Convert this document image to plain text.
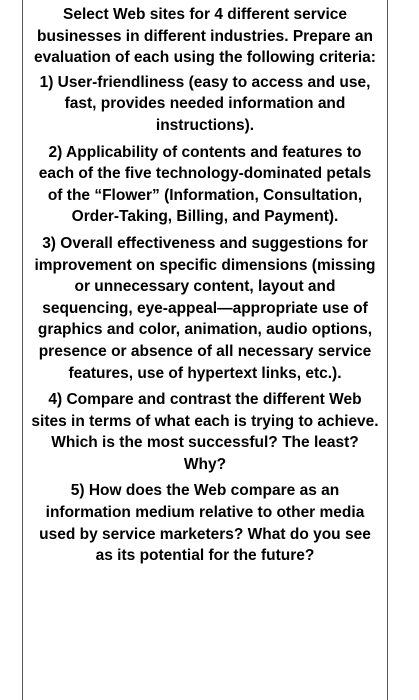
Select Web sites for 4 different service businesses in different industries. Prepare an evaluation of each using the following criteria:

1) User-friendliness (easy to access and use, fast, provides needed information and instructions).

2) Applicability of contents and features to each of the five technology-dominated petals of the “Flower” (Information, Consultation, Order-Taking, Billing, and Payment).

3) Overall effectiveness and suggestions for improvement on specific dimensions (missing or unnecessary content, layout and sequencing, eye-appeal—appropriate use of graphics and color, animation, audio options, presence or absence of all necessary service features, use of hypertext links, etc.).

4) Compare and contrast the different Web sites in terms of what each is trying to achieve. Which is the most successful? The least? Why?

5) How does the Web compare as an information medium relative to other media used by service marketers? What do you see as its potential for the future?
